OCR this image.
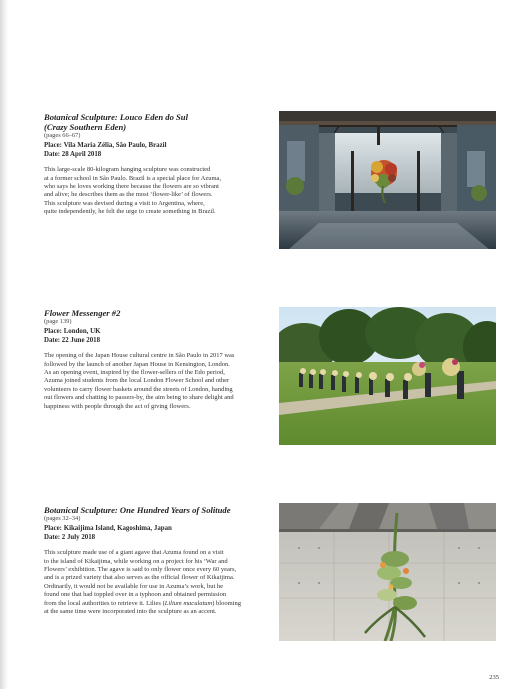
Botanical Sculpture: Louco Eden do Sul
(Crazy Southern Eden)

(pages 66–67)

Place: Vila Maria Zélia, São Paulo, Brazil

Date: 28 April 2018

This large-scale 80-kilogram hanging sculpture was constructed
at a former school in São Paulo. Brazil is a special place for Azuma,
who says he loves working there because the flowers are so vibrant
and alive; he describes them as the most ‘flower-like’ of flowers.
This sculpture was devised during a visit to Argentina, where,
quite independently, he felt the urge to create something in Brazil.

Flower Messenger #2

(page 139)

Place: London, UK

Date: 22 June 2018

The opening of the Japan House cultural centre in São Paulo in 2017 was
followed by the launch of another Japan House in Kensington, London.
As an opening event, inspired by the flower-sellers of the Edo period,
Azuma joined students from the local London Flower School and other
volunteers to carry flower baskets around the streets of London, handing
out flowers and chatting to passers-by, the aim being to share delight and
happiness with people through the act of giving flowers.

Botanical Sculpture: One Hundred Years of Solitude

(pages 32–34)

Place: Kikaijima Island, Kagoshima, Japan

Date: 2 July 2018

This sculpture made use of a giant agave that Azuma found on a visit
to the island of Kikaijima, while working on a project for his ‘War and
Flowers’ exhibition. The agave is said to only flower once every 60 years,
and is a prized variety that also serves as the official flower of Kikaijima.
Ordinarily, it would not be available for use in Azuma’s work, but he
found one that had toppled over in a typhoon and obtained permission
from the local authorities to retrieve it. Lilies (Lilium maculatum) blooming
at the same time were incorporated into the sculpture as an accent.

235
